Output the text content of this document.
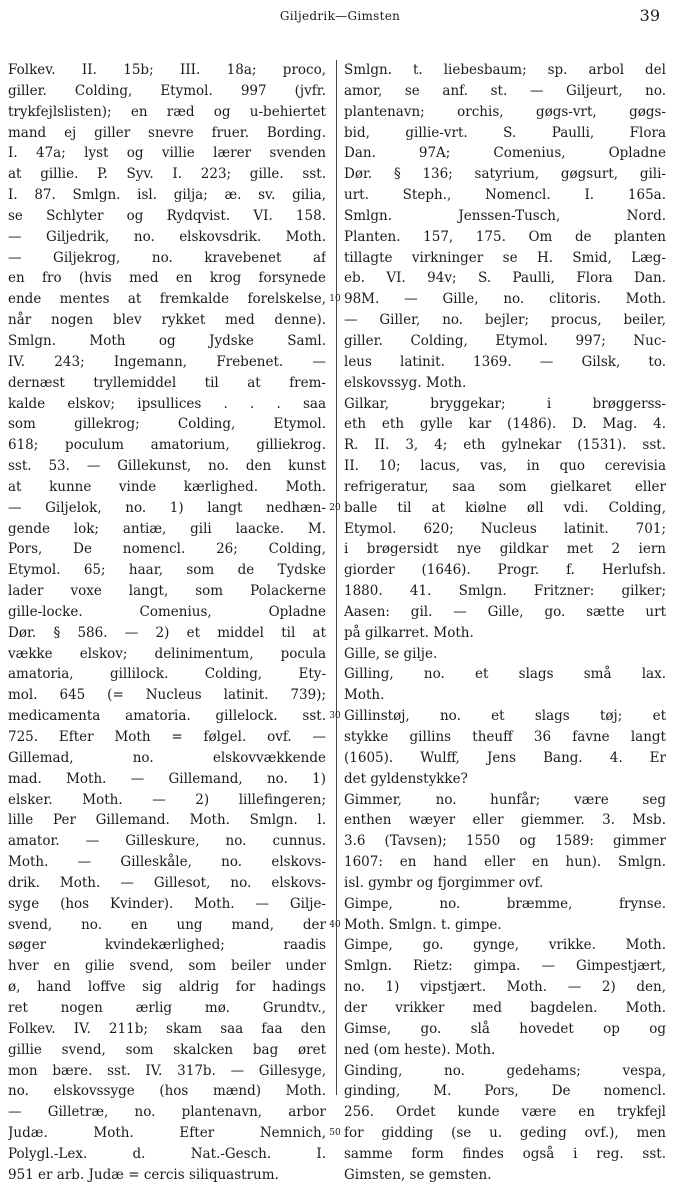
Giljedrik—Gimsten	39
Folkev. II. 15b; III. 18a; proco,
giller. Colding, Etymol. 997 (jvfr.
trykfejlslisten); en ræd og u-behiertet
mand ej giller snevre fruer. Bording.
I. 47a; lyst og villie lærer svenden
at gillie. P. Syv. I. 223; gille. sst.
I. 87. Smlgn. isl. gilja; æ. sv. gilia,
se Schlyter og Rydqvist. VI. 158.
— Giljedrik, no. elskovsdrik. Moth.
— Giljekrog, no. kravebenet af
en fro (hvis med en krog forsynede
ende mentes at fremkalde forelskelse,
når nogen blev rykket med denne).
Smlgn. Moth og Jydske Saml.
IV. 243; Ingemann, Frebenet. —
dernæst tryllemiddel til at frem-
kalde elskov; ipsullices . . . saa
som gillekrog; Colding, Etymol.
618; poculum amatorium, gilliekrog.
sst. 53. — Gillekunst, no. den kunst
at kunne vinde kærlighed. Moth.
— Giljelok, no. 1) langt nedhæn-
gende lok; antiæ, gili laacke. M.
Pors, De nomencl. 26; Colding,
Etymol. 65; haar, som de Tydske
lader voxe langt, som Polackerne
gille-locke. Comenius, Opladne
Dør. § 586. — 2) et middel til at
vække elskov; delinimentum, pocula
amatoria, gillilock. Colding, Ety-
mol. 645 (= Nucleus latinit. 739);
medicamenta amatoria. gillelock. sst.
725. Efter Moth = følgel. ovf. —
Gillemad, no. elskovvækkende
mad. Moth. — Gillemand, no. 1)
elsker. Moth. — 2) lillefingeren;
lille Per Gillemand. Moth. Smlgn. l.
amator. — Gilleskure, no. cunnus.
Moth. — Gilleskåle, no. elskovs-
drik. Moth. — Gillesot, no. elskovs-
syge (hos Kvinder). Moth. — Gilje-
svend, no. en ung mand, der
søger kvindekærlighed; raadis
hver en gilie svend, som beiler under
ø, hand loffve sig aldrig for hadings
ret nogen ærlig mø. Grundtv.,
Folkev. IV. 211b; skam saa faa den
gillie svend, som skalcken bag øret
mon bære. sst. IV. 317b. — Gillesyge,
no. elskovssyge (hos mænd) Moth.
— Gilletræ, no. plantenavn, arbor
Judæ. Moth. Efter Nemnich,
Polygl.-Lex. d. Nat.-Gesch. I.
951 er arb. Judæ = cercis siliquastrum.
Smlgn. t. liebesbaum; sp. arbol del
amor, se anf. st. — Giljeurt, no.
plantenavn; orchis, gøgs-vrt, gøgs-
bid, gillie-vrt. S. Paulli, Flora
Dan. 97A; Comenius, Opladne
Dør. § 136; satyrium, gøgsurt, gili-
urt. Steph., Nomencl. I. 165a.
Smlgn. Jenssen-Tusch, Nord.
Planten. 157, 175. Om de planten
tillagte virkninger se H. Smid, Læg-
eb. VI. 94v; S. Paulli, Flora Dan.
98M. — Gille, no. clitoris. Moth.
— Giller, no. bejler; procus, beiler,
giller. Colding, Etymol. 997; Nuc-
leus latinit. 1369. — Gilsk, to.
elskovssyg. Moth.
Gilkar, bryggekar; i brøggerss-
eth eth gylle kar (1486). D. Mag. 4.
R. II. 3, 4; eth gylnekar (1531). sst.
II. 10; lacus, vas, in quo cerevisia
refrigeratur, saa som gielkaret eller
balle til at kiølne øll vdi. Colding,
Etymol. 620; Nucleus latinit. 701;
i brøgersidt nye gildkar met 2 iern
giorder (1646). Progr. f. Herlufsh.
1880. 41. Smlgn. Fritzner: gilker;
Aasen: gil. — Gille, go. sætte urt
på gilkarret. Moth.
Gille, se gilje.
Gilling, no. et slags små lax.
Moth.
Gillinstøj, no. et slags tøj; et
stykke gillins theuff 36 favne langt
(1605). Wulff, Jens Bang. 4. Er
det gyldenstykke?
Gimmer, no. hunfår; være seg
enthen wæyer eller giemmer. 3. Msb.
3.6 (Tavsen); 1550 og 1589: gimmer
1607: en hand eller en hun). Smlgn.
isl. gymbr og fjorgimmer ovf.
Gimpe, no. bræmme, frynse.
Moth. Smlgn. t. gimpe.
Gimpe, go. gynge, vrikke. Moth.
Smlgn. Rietz: gimpa. — Gimpestjært,
no. 1) vipstjært. Moth. — 2) den,
der vrikker med bagdelen. Moth.
Gimse, go. slå hovedet op og
ned (om heste). Moth.
Ginding, no. gedehams; vespa,
ginding, M. Pors, De nomencl.
256. Ordet kunde være en trykfejl
for gidding (se u. geding ovf.), men
samme form findes også i reg. sst.
Gimsten, se gemsten.
10
20
30
40
50
